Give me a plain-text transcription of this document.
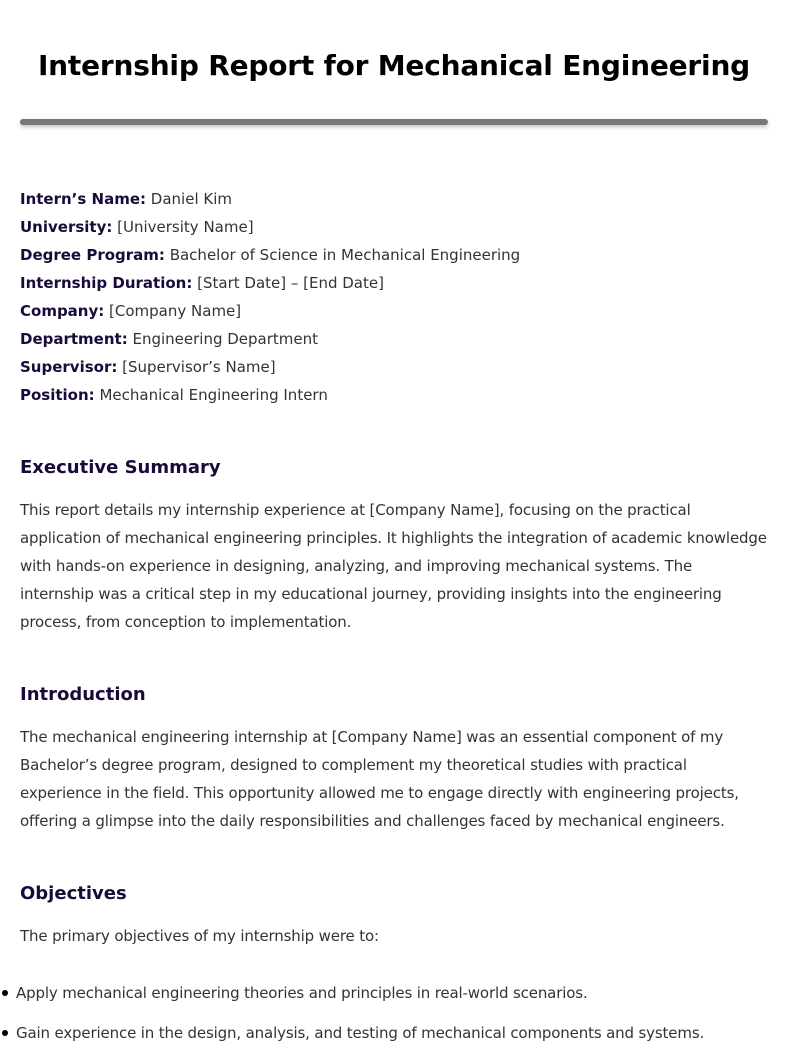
Internship Report for Mechanical Engineering
Intern’s Name: Daniel Kim
University: [University Name]
Degree Program: Bachelor of Science in Mechanical Engineering
Internship Duration: [Start Date] – [End Date]
Company: [Company Name]
Department: Engineering Department
Supervisor: [Supervisor’s Name]
Position: Mechanical Engineering Intern
Executive Summary

This report details my internship experience at [Company Name], focusing on the practical application of mechanical engineering principles. It highlights the integration of academic knowledge with hands-on experience in designing, analyzing, and improving mechanical systems. The internship was a critical step in my educational journey, providing insights into the engineering process, from conception to implementation.

Introduction

The mechanical engineering internship at [Company Name] was an essential component of my Bachelor’s degree program, designed to complement my theoretical studies with practical experience in the field. This opportunity allowed me to engage directly with engineering projects, offering a glimpse into the daily responsibilities and challenges faced by mechanical engineers.

Objectives

The primary objectives of my internship were to:

Apply mechanical engineering theories and principles in real-world scenarios.
Gain experience in the design, analysis, and testing of mechanical components and systems.
